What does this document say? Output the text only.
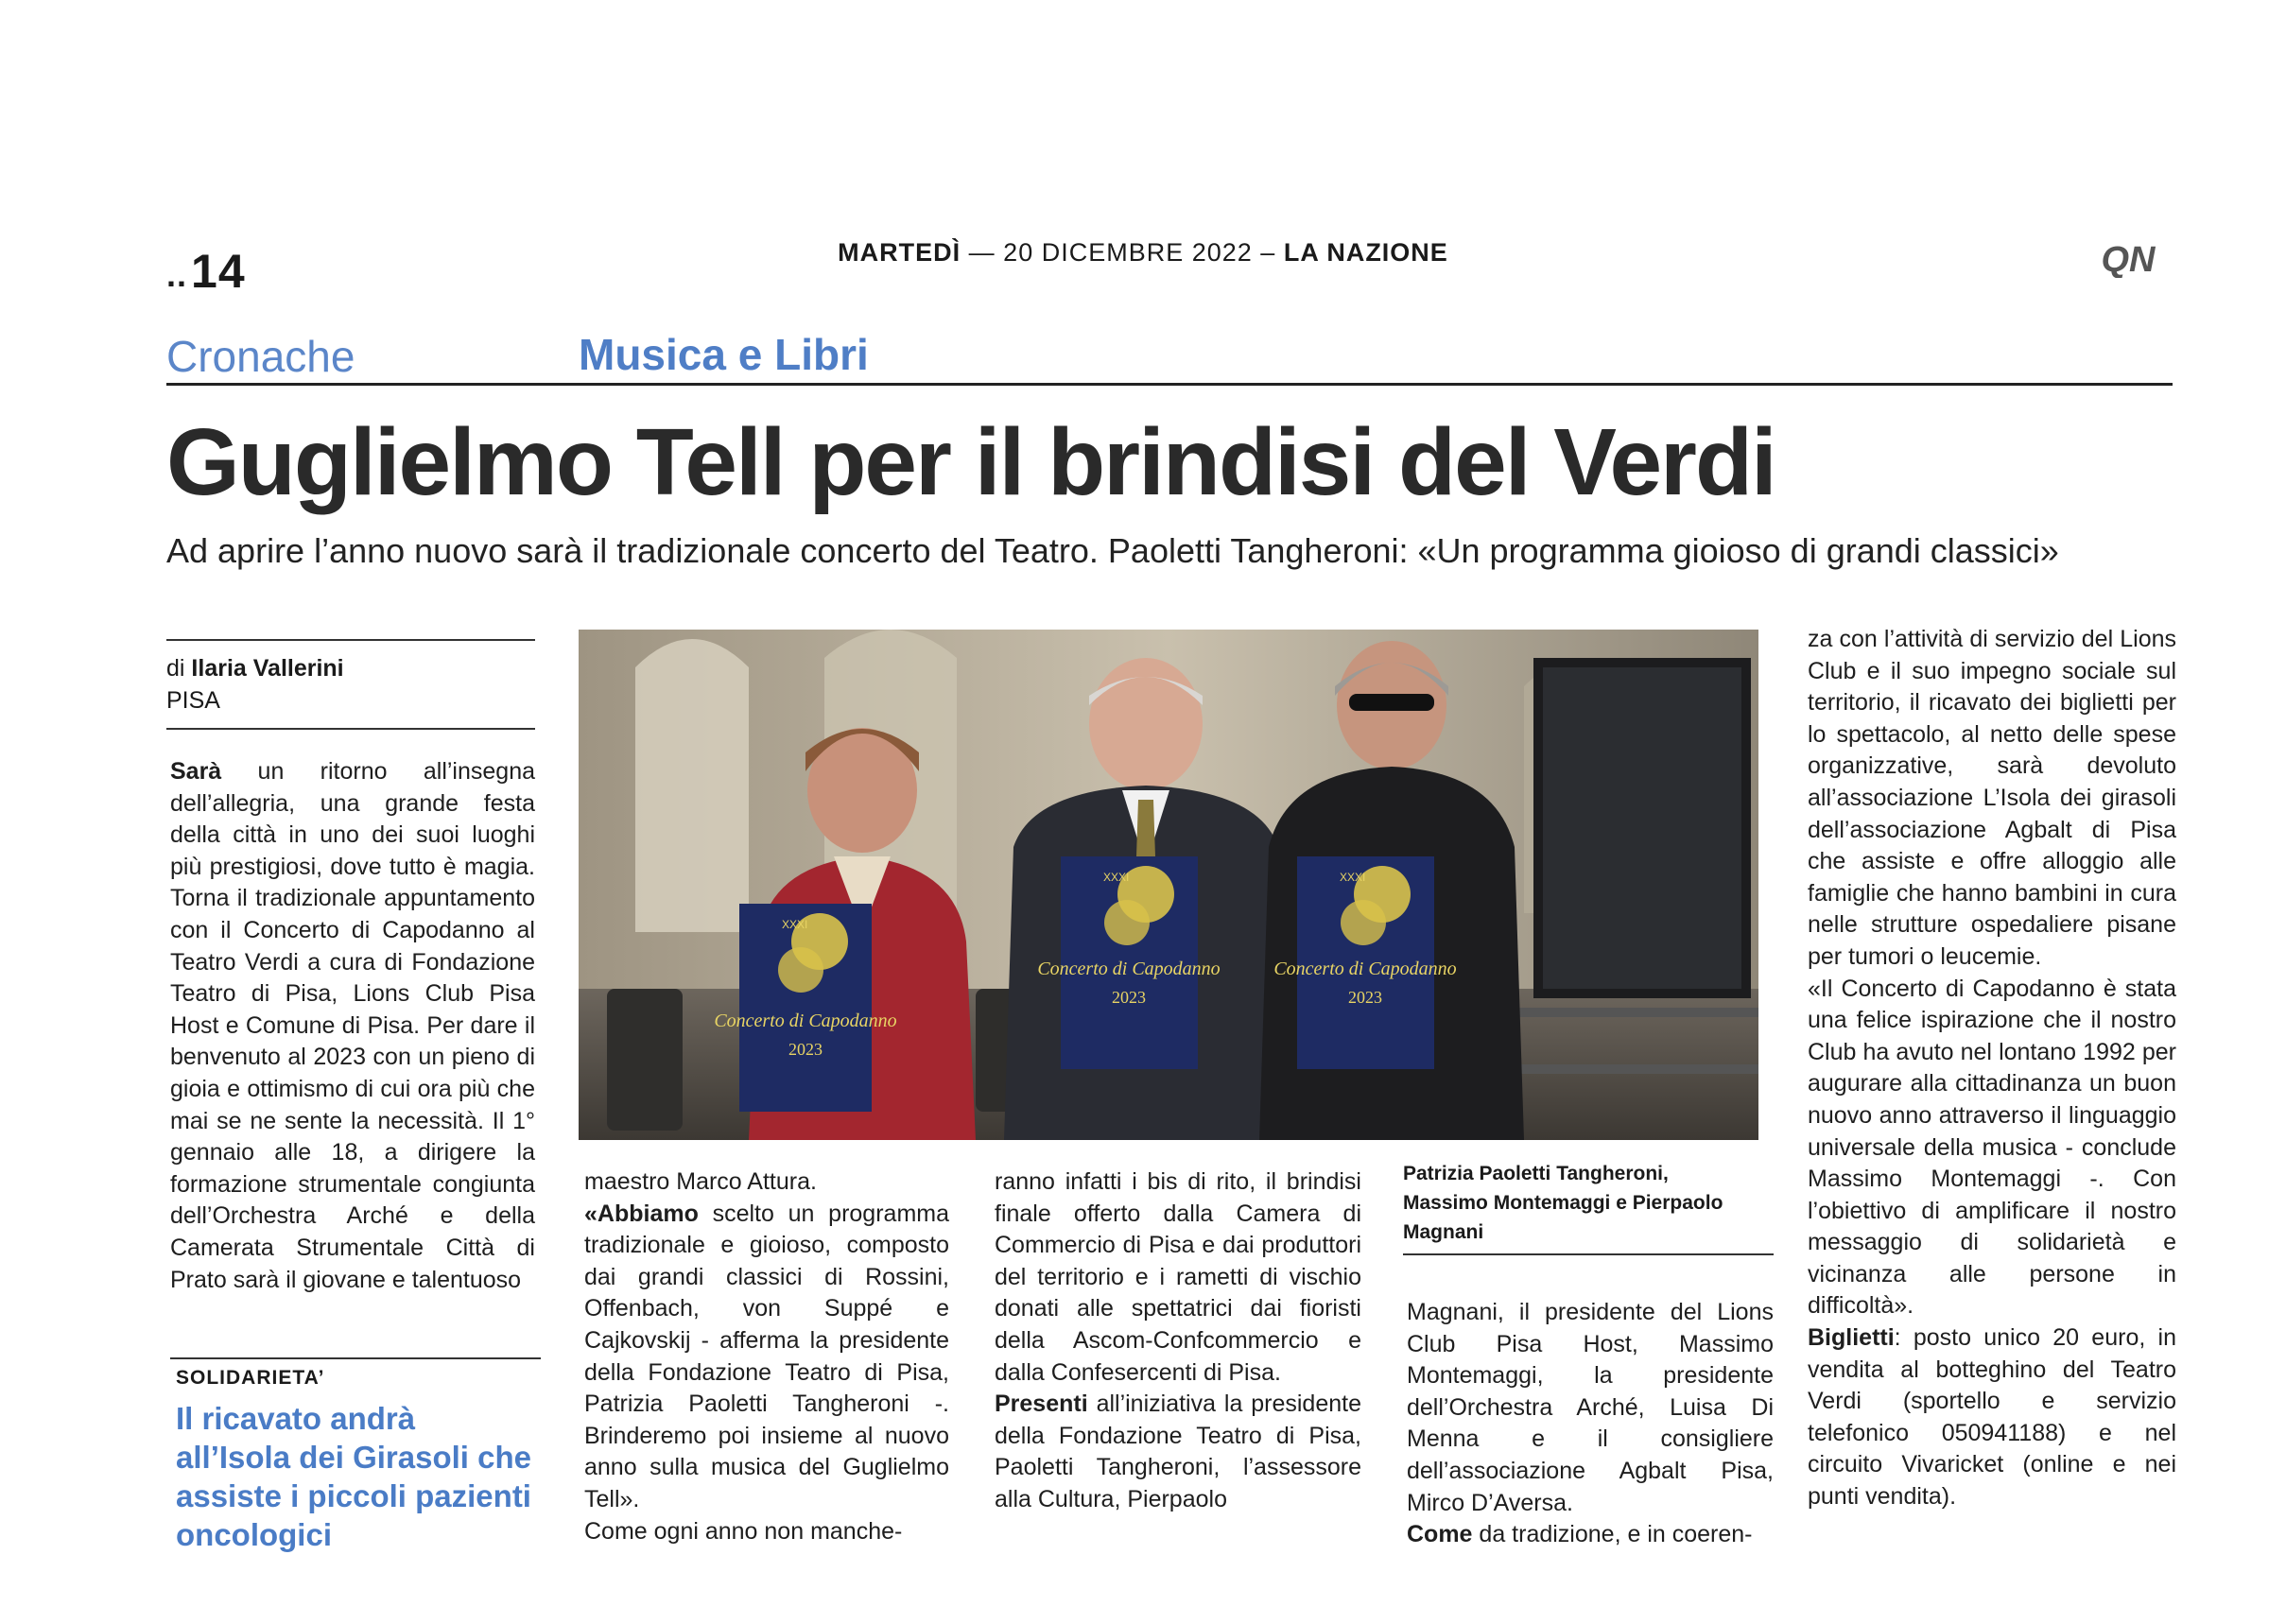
..14	MARTEDÌ — 20 DICEMBRE 2022 – LA NAZIONE	QN
Cronache	Musica e Libri
Guglielmo Tell per il brindisi del Verdi
Ad aprire l’anno nuovo sarà il tradizionale concerto del Teatro. Paoletti Tangheroni: «Un programma gioioso di grandi classici»
di Ilaria Vallerini
PISA

Sarà un ritorno all’insegna dell’allegria, una grande festa della città in uno dei suoi luoghi più prestigiosi, dove tutto è magia. Torna il tradizionale appuntamento con il Concerto di Capodanno al Teatro Verdi a cura di Fondazione Teatro di Pisa, Lions Club Pisa Host e Comune di Pisa. Per dare il benvenuto al 2023 con un pieno di gioia e ottimismo di cui ora più che mai se ne sente la necessità. Il 1° gennaio alle 18, a dirigere la formazione strumentale congiunta dell’Orchestra Arché e della Camerata Strumentale Città di Prato sarà il giovane e talentuoso

SOLIDARIETA’
Il ricavato andrà all’Isola dei Girasoli che assiste i piccoli pazienti oncologici
Concerto di Capodanno
2023
Concerto di Capodanno
2023
Concerto di Capodanno
2023
XXXI
XXXI	XXXI

maestro Marco Attura.

«Abbiamo scelto un programma tradizionale e gioioso, composto dai grandi classici di Rossini, Offenbach, von Suppé e Cajkovskij - afferma la presidente della Fondazione Teatro di Pisa, Patrizia Paoletti Tangheroni -. Brinderemo poi insieme al nuovo anno sulla musica del Guglielmo Tell».

Come ogni anno non manche-

ranno infatti i bis di rito, il brindisi finale offerto dalla Camera di Commercio di Pisa e dai produttori del territorio e i rametti di vischio donati alle spettatrici dai fioristi della Ascom-Confcommercio e dalla Confesercenti di Pisa.

Presenti all’iniziativa la presidente della Fondazione Teatro di Pisa, Paoletti Tangheroni, l’assessore alla Cultura, Pierpaolo

Patrizia Paoletti Tangheroni, Massimo Montemaggi e Pierpaolo Magnani

Magnani, il presidente del Lions Club Pisa Host, Massimo Montemaggi, la presidente dell’Orchestra Arché, Luisa Di Menna e il consigliere dell’associazione Agbalt Pisa, Mirco D’Aversa.

Come da tradizione, e in coeren-

za con l’attività di servizio del Lions Club e il suo impegno sociale sul territorio, il ricavato dei biglietti per lo spettacolo, al netto delle spese organizzative, sarà devoluto all’associazione L’Isola dei girasoli dell’associazione Agbalt di Pisa che assiste e offre alloggio alle famiglie che hanno bambini in cura nelle strutture ospedaliere pisane per tumori o leucemie.

«Il Concerto di Capodanno è stata una felice ispirazione che il nostro Club ha avuto nel lontano 1992 per augurare alla cittadinanza un buon nuovo anno attraverso il linguaggio universale della musica - conclude Massimo Montemaggi -. Con l’obiettivo di amplificare il nostro messaggio di solidarietà e vicinanza alle persone in difficoltà».

Biglietti: posto unico 20 euro, in vendita al botteghino del Teatro Verdi (sportello e servizio telefonico 050941188) e nel circuito Vivaricket (online e nei punti vendita).
